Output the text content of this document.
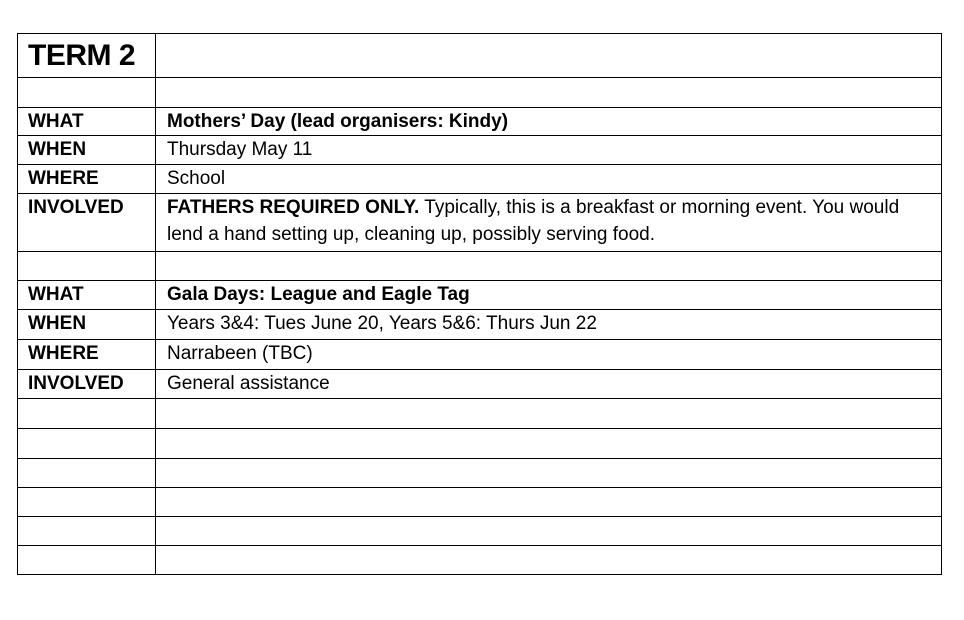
TERM 2	

WHAT	Mothers’ Day (lead organisers: Kindy)
WHEN	Thursday May 11
WHERE	School
INVOLVED	FATHERS REQUIRED ONLY. Typically, this is a breakfast or morning event. You would lend a hand setting up, cleaning up, possibly serving food.

WHAT	Gala Days: League and Eagle Tag
WHEN	Years 3&4: Tues June 20, Years 5&6: Thurs Jun 22
WHERE	Narrabeen (TBC)
INVOLVED	General assistance
